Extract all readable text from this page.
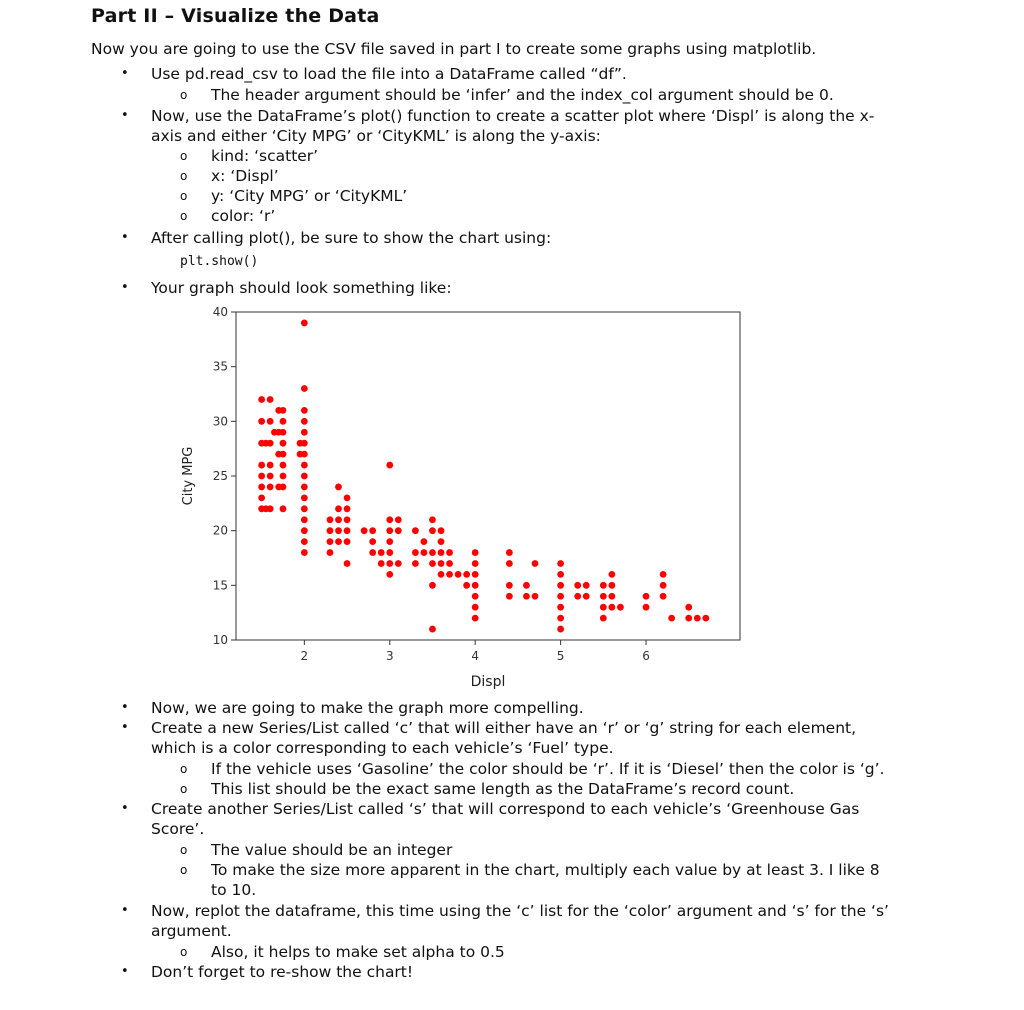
Part II – Visualize the Data
Now you are going to use the CSV file saved in part I to create some graphs using matplotlib.
• Use pd.read_csv to load the file into a DataFrame called “df”.
o The header argument should be ‘infer’ and the index_col argument should be 0.
• Now, use the DataFrame’s plot() function to create a scatter plot where ‘Displ’ is along the x-
axis and either ‘City MPG’ or ‘CityKML’ is along the y-axis:
o kind: ‘scatter’
o x: ‘Displ’
o y: ‘City MPG’ or ‘CityKML’
o color: ‘r’
• After calling plot(), be sure to show the chart using:
plt.show()
• Your graph should look something like:
2	3	4	5	6
10
15
20
25
30
35
40
Displ
City MPG
• Now, we are going to make the graph more compelling.
• Create a new Series/List called ‘c’ that will either have an ‘r’ or ‘g’ string for each element,
which is a color corresponding to each vehicle’s ‘Fuel’ type.
o If the vehicle uses ‘Gasoline’ the color should be ‘r’. If it is ‘Diesel’ then the color is ‘g’.
o This list should be the exact same length as the DataFrame’s record count.
• Create another Series/List called ‘s’ that will correspond to each vehicle’s ‘Greenhouse Gas
Score’.
o The value should be an integer
o To make the size more apparent in the chart, multiply each value by at least 3. I like 8
to 10.
• Now, replot the dataframe, this time using the ‘c’ list for the ‘color’ argument and ‘s’ for the ‘s’
argument.
o Also, it helps to make set alpha to 0.5
• Don’t forget to re-show the chart!
